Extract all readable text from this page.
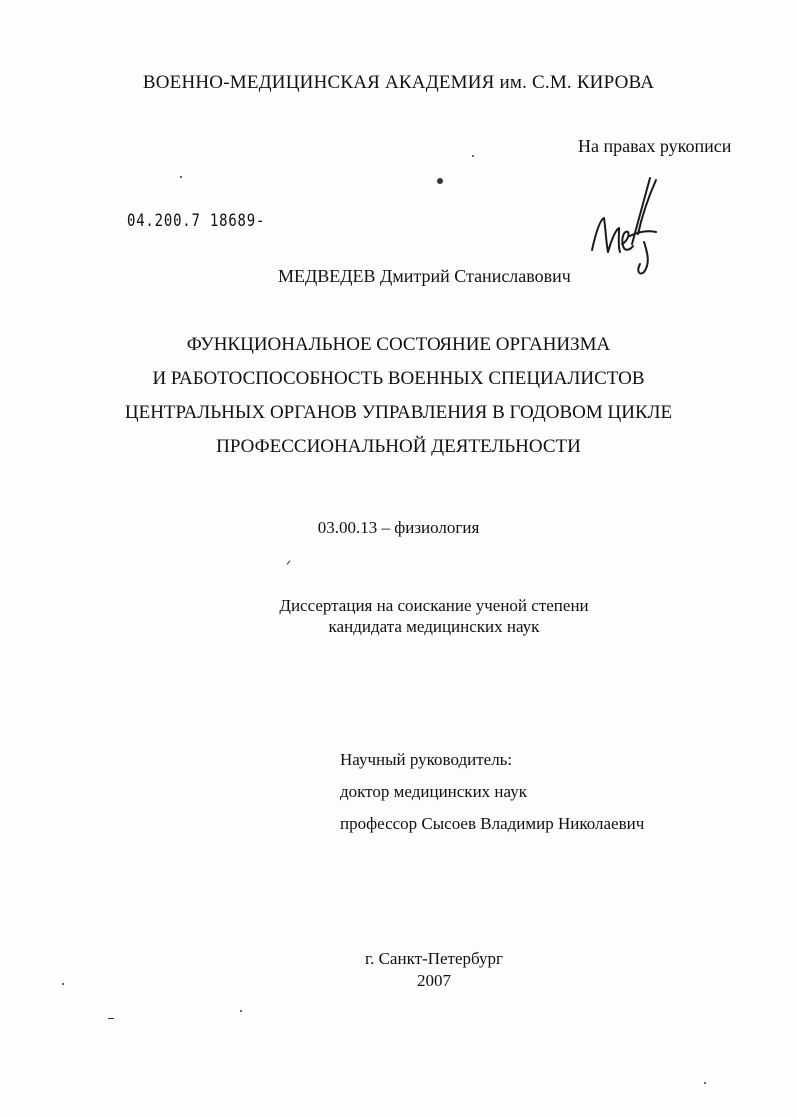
ВОЕННО-МЕДИЦИНСКАЯ АКАДЕМИЯ им. С.М. КИРОВА
На правах рукописи
04.200.7 18689-
МЕДВЕДЕВ Дмитрий Станиславович
ФУНКЦИОНАЛЬНОЕ СОСТОЯНИЕ ОРГАНИЗМА
И РАБОТОСПОСОБНОСТЬ ВОЕННЫХ СПЕЦИАЛИСТОВ
ЦЕНТРАЛЬНЫХ ОРГАНОВ УПРАВЛЕНИЯ В ГОДОВОМ ЦИКЛЕ
ПРОФЕССИОНАЛЬНОЙ ДЕЯТЕЛЬНОСТИ
03.00.13 – физиология
Диссертация на соискание ученой степени
кандидата медицинских наук
Научный руководитель:
доктор медицинских наук
профессор Сысоев Владимир Николаевич
г. Санкт-Петербург
2007
